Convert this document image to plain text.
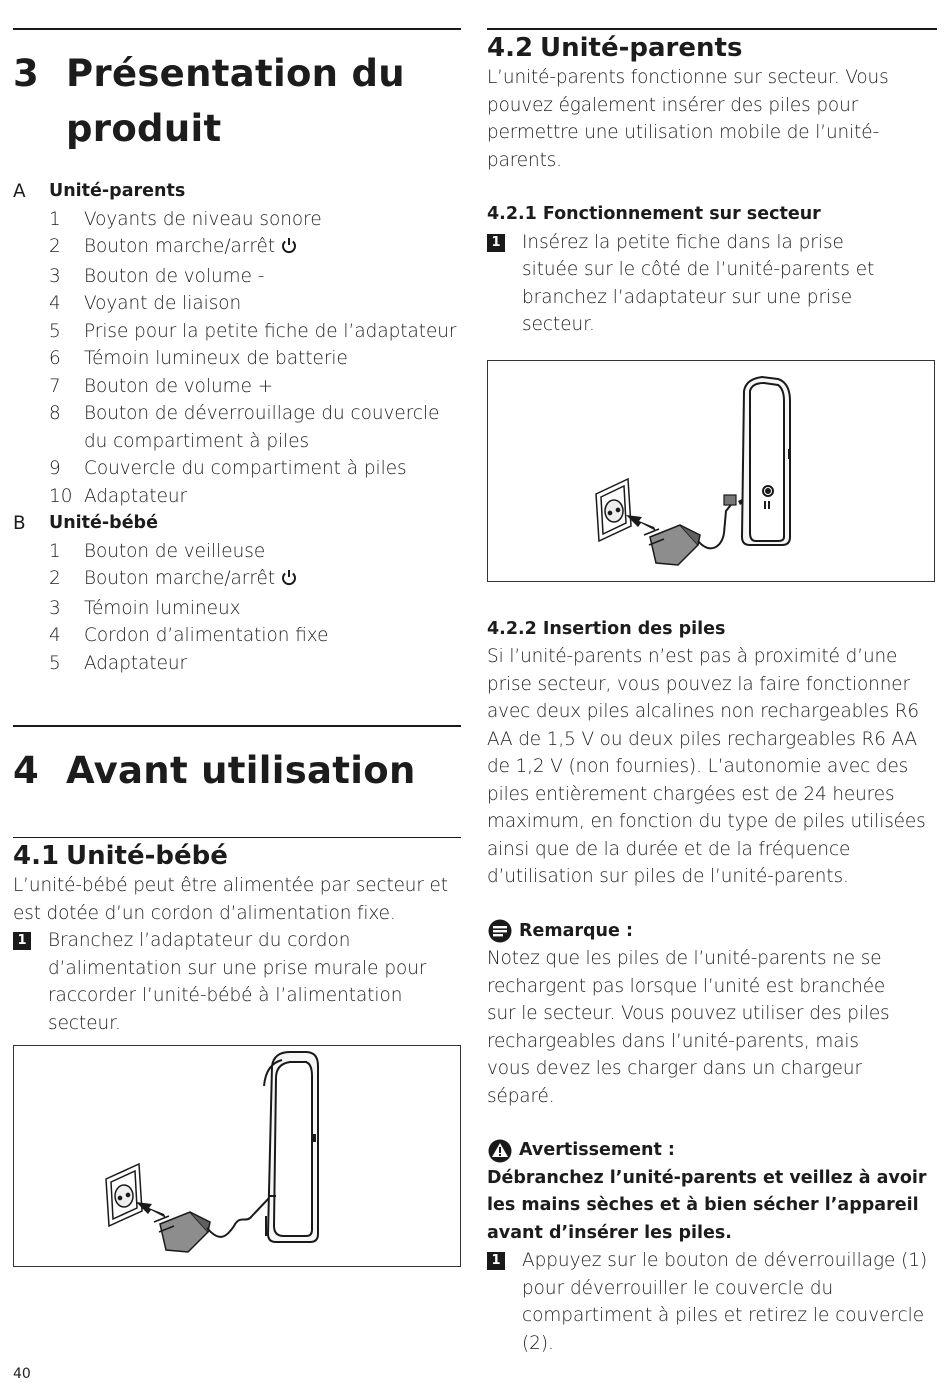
3 Présentation du
produit
A	Unité-parents
1	Voyants de niveau sonore
2	Bouton marche/arrêt
3	Bouton de volume -
4	Voyant de liaison
5	Prise pour la petite fiche de l’adaptateur
6	Témoin lumineux de batterie
7	Bouton de volume +
8	Bouton de déverrouillage du couvercle du compartiment à piles
9	Couvercle du compartiment à piles
10 Adaptateur
B	Unité-bébé
1	Bouton de veilleuse
2	Bouton marche/arrêt
3	Témoin lumineux
4	Cordon d’alimentation fixe
5	Adaptateur
4 Avant utilisation
4.1 Unité-bébé
L’unité-bébé peut être alimentée par secteur et est dotée d’un cordon d’alimentation fixe.
1 Branchez l’adaptateur du cordon d’alimentation sur une prise murale pour raccorder l’unité-bébé à l’alimentation secteur.
4.2 Unité-parents
L’unité-parents fonctionne sur secteur. Vous pouvez également insérer des piles pour permettre une utilisation mobile de l’unité-parents.
4.2.1 Fonctionnement sur secteur
1 Insérez la petite fiche dans la prise située sur le côté de l’unité-parents et branchez l’adaptateur sur une prise secteur.
4.2.2 Insertion des piles
Si l’unité-parents n’est pas à proximité d’une prise secteur, vous pouvez la faire fonctionner avec deux piles alcalines non rechargeables R6 AA de 1,5 V ou deux piles rechargeables R6 AA de 1,2 V (non fournies). L’autonomie avec des piles entièrement chargées est de 24 heures maximum, en fonction du type de piles utilisées ainsi que de la durée et de la fréquence d’utilisation sur piles de l’unité-parents.
Remarque :
Notez que les piles de l’unité-parents ne se rechargent pas lorsque l’unité est branchée sur le secteur. Vous pouvez utiliser des piles rechargeables dans l’unité-parents, mais vous devez les charger dans un chargeur séparé.
Avertissement :
Débranchez l’unité-parents et veillez à avoir les mains sèches et à bien sécher l’appareil avant d’insérer les piles.
1 Appuyez sur le bouton de déverrouillage (1) pour déverrouiller le couvercle du compartiment à piles et retirez le couvercle (2).
40
